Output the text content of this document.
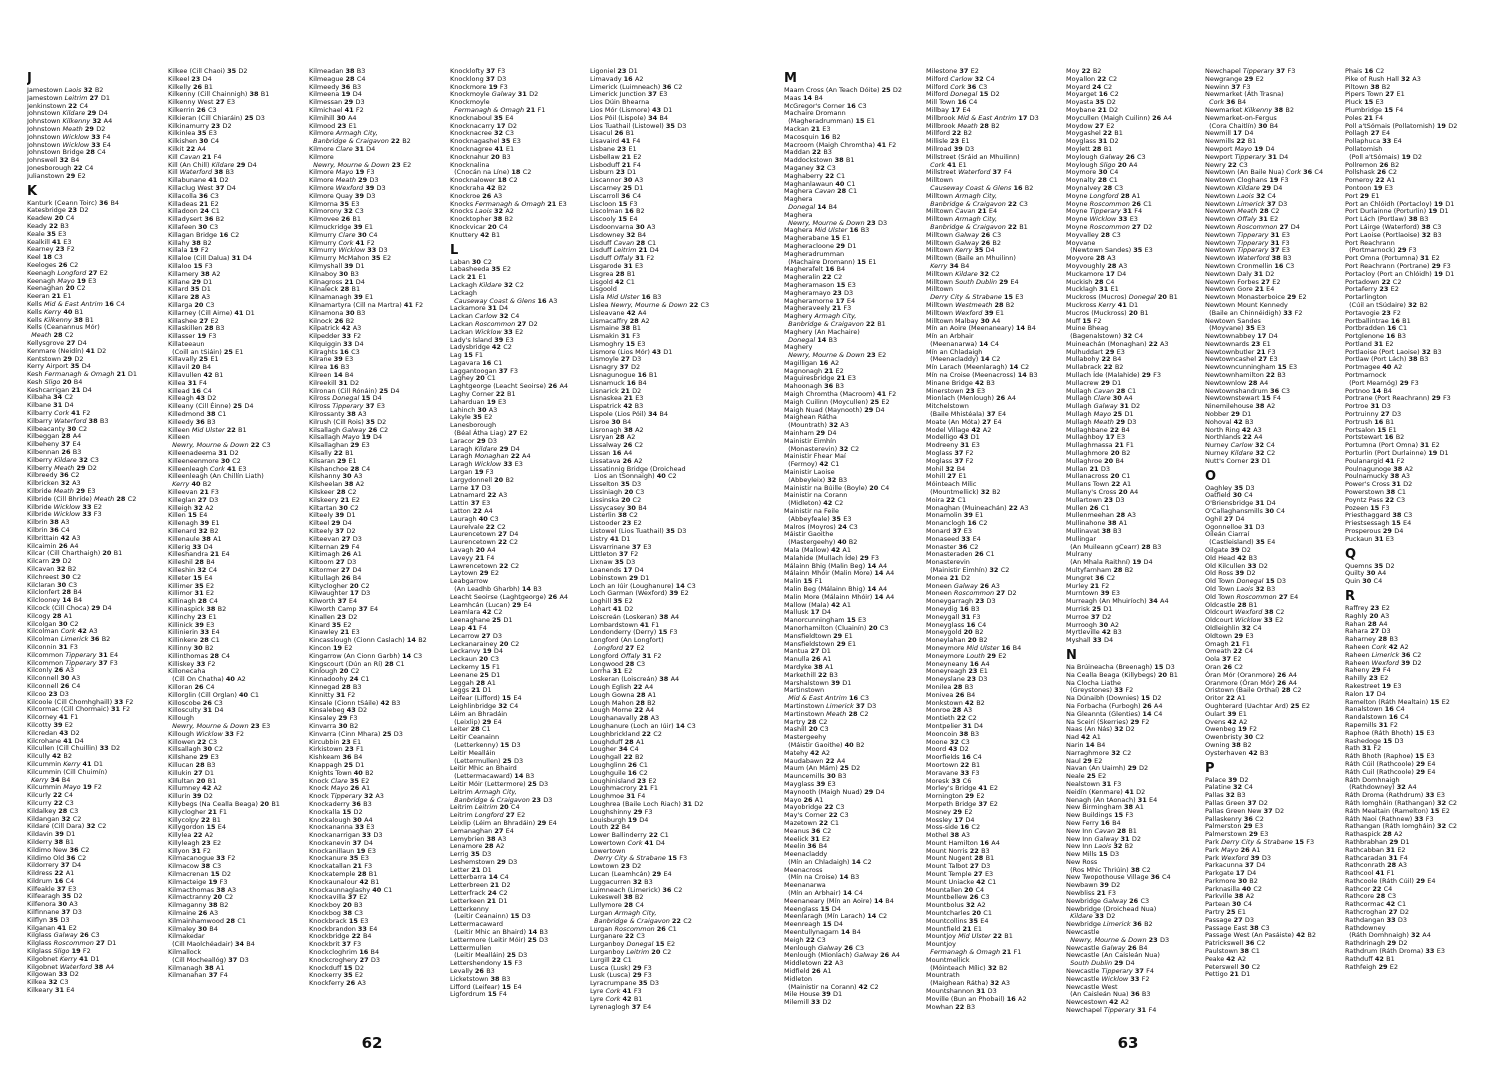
J
Jamestown Laois 32 B2
Jamestown Leitrim 27 D1
Jenkinstown 22 C4
Johnstown Kildare 29 D4
Johnstown Kilkenny 32 A4
Johnstown Meath 29 D2
Johnstown Wicklow 33 F4
Johnstown Wicklow 33 E4
Johnstown Bridge 28 C4
Johnswell 32 B4
Jonesborough 22 C4
Julianstown 29 E2
K
Kanturk (Ceann Toirc) 36 B4
Katesbridge 23 D2
Keadew 20 C4
Keady 22 B3
Keale 35 E3
Kealkill 41 E3
Kearney 23 F2
Keel 18 C3
Keeloges 26 C2
Keenagh Longford 27 E2
Keenagh Mayo 19 E3
Keenaghan 20 C2
Keeran 21 E1
Kells Mid & East Antrim 16 C4
Kells Kerry 40 B1
Kells Kilkenny 38 B1
Kells (Ceanannus Mór)
Meath 28 C2
Kellysgrove 27 D4
Kenmare (Neidín) 41 D2
Kentstown 29 D2
Kerry Airport 35 D4
Kesh Fermanagh & Omagh 21 D1
Kesh Sligo 20 B4
Keshcarrigan 21 D4
Kilbaha 34 C2
Kilbane 31 D4
Kilbarry Cork 41 F2
Kilbarry Waterford 38 B3
Kilbeacanty 30 C2
Kilbeggan 28 A4
Kilbeheny 37 E4
Kilbennan 26 B3
Kilberry Kildare 32 C3
Kilberry Meath 29 D2
Kilbreedy 36 C2
Kilbricken 32 A3
Kilbride Meath 29 E3
Kilbride (Cill Bhríde) Meath 28 C2
Kilbride Wicklow 33 E2
Kilbride Wicklow 33 F3
Kilbrin 38 A3
Kilbrin 36 C4
Kilbrittain 42 A3
Kilcaimin 26 A4
Kilcar (Cill Charthaigh) 20 B1
Kilcarn 29 D2
Kilcavan 32 B2
Kilchreest 30 C2
Kilclaran 30 C3
Kilclonfert 28 B4
Kilclooney 14 B4
Kilcock (Cill Choca) 29 D4
Kilcogy 28 A1
Kilcolgan 30 C2
Kilcolman Cork 42 A3
Kilcolman Limerick 36 B2
Kilconnin 31 F3
Kilcommon Tipperary 31 E4
Kilcommon Tipperary 37 F3
Kilconly 26 A3
Kilconnell 30 A3
Kilconnell 26 C4
Kilcoo 23 D3
Kilcoole (Cill Chomhghaill) 33 F2
Kilcormac (Cill Chormaic) 31 F2
Kilcorney 41 F1
Kilcotty 39 E2
Kilcredan 43 D2
Kilcrohane 41 D4
Kilcullen (Cill Chuillin) 33 D2
Kilcully 42 B2
Kilcummin Kerry 41 D1
Kilcummin (Cill Chuimín)
Kerry 34 B4
Kilcummin Mayo 19 F2
Kilcurly 22 C4
Kilcurry 22 C3
Kildalkey 28 C3
Kildangan 32 C2
Kildare (Cill Dara) 32 C2
Kildavin 39 D1
Kilderry 38 B1
Kildimo New 36 C2
Kildimo Old 36 C2
Kildorrery 37 D4
Kildress 22 A1
Kildrum 16 C4
Kilfeakle 37 E3
Kilfearagh 35 D2
Kilfenora 30 A3
Kilfinnane 37 D3
Kilflyn 35 D3
Kilganan 41 E2
Kilglass Galway 26 C3
Kilglass Roscommon 27 D1
Kilglass Sligo 19 F2
Kilgobnet Kerry 41 D1
Kilgobnet Waterford 38 A4
Kilgowan 33 D2
Kilkea 32 C3
Kilkeary 31 E4
Kilkee (Cill Chaoi) 35 D2
Kilkeel 23 D4
Kilkelly 26 B1
Kilkenny (Cill Chainnigh) 38 B1
Kilkenny West 27 E3
Kilkerrin 26 C3
Kilkieran (Cill Chiaráin) 25 D3
Kilkinamurry 23 D2
Kilkinlea 35 E3
Kilkishen 30 C4
Kilkit 22 A4
Kill Cavan 21 F4
Kill (An Chill) Kildare 29 D4
Kill Waterford 38 B3
Killabunane 41 D2
Killaclug West 37 D4
Killacolla 36 C3
Killadeas 21 E2
Killadoon 24 C1
Killadysert 36 B2
Killafeen 30 C3
Killagan Bridge 16 C2
Killahy 38 B2
Killala 19 F2
Killaloe (Cill Dalua) 31 D4
Killaloo 15 F3
Killamery 38 A2
Killane 29 D1
Killard 35 D1
Killare 28 A3
Killarga 20 C3
Killarney (Cill Airne) 41 D1
Killashee 27 E2
Killaskillen 28 B3
Killasser 19 F3
Killateeaun
(Coill an tSiáin) 25 E1
Killavally 25 E1
Killavil 20 B4
Killavullen 42 B1
Killea 31 F4
Killead 16 C4
Killeagh 43 D2
Killeany (Cill Éinne) 25 D4
Killedmond 38 C1
Killeedy 36 B3
Killeen Mid Ulster 22 B1
Killeen
Newry, Mourne & Down 22 C3
Killeenadeema 31 D2
Killeeneenmore 30 C2
Killeenleagh Cork 41 E3
Killeenleagh (An Chillín Liath)
Kerry 40 B2
Killeevan 21 F3
Killeglan 27 D3
Killeigh 32 A2
Killen 15 E4
Killenagh 39 E1
Killenard 32 B2
Killenaule 38 A1
Killerig 33 D4
Killeshandra 21 E4
Killeshil 28 B4
Killeshin 32 C4
Killeter 15 E4
Killimer 35 E2
Killimor 31 E2
Killinagh 28 C4
Killinaspick 38 B2
Killinchy 23 E1
Killinick 39 E3
Killinierin 33 E4
Killinkere 28 C1
Killinny 30 B2
Killinthomas 28 C4
Killiskey 33 F2
Killonecaha
(Cill On Chatha) 40 A2
Killoran 26 C4
Killorglin (Cill Orglan) 40 C1
Killoscobe 26 C3
Killosculty 31 D4
Killough
Newry, Mourne & Down 23 E3
Killough Wicklow 33 F2
Killowen 22 C3
Killsallagh 30 C2
Killshane 29 E3
Killucan 28 B3
Killukin 27 D1
Killultan 20 B1
Killumney 42 A2
Killurin 39 D2
Killybegs (Na Cealla Beaga) 20 B1
Killyclogher 21 F1
Killycolpy 22 B1
Killygordon 15 E4
Killylea 22 A2
Killyleagh 23 E2
Killyon 31 F2
Kilmacanogue 33 F2
Kilmacow 38 C3
Kilmacrenan 15 D2
Kilmacteige 19 F3
Kilmacthomas 38 A3
Kilmactranny 20 C2
Kilmaganny 38 B2
Kilmaine 26 A3
Kilmainhamwood 28 C1
Kilmaley 30 B4
Kilmakedar
(Cill Maolchéadair) 34 B4
Kilmallock
(Cill Mocheallóg) 37 D3
Kilmanagh 38 A1
Kilmanahan 37 F4
Kilmeadan 38 B3
Kilmeague 28 C4
Kilmeedy 36 B3
Kilmeena 19 D4
Kilmessan 29 D3
Kilmichael 41 F2
Kilmihill 30 A4
Kilmood 23 E1
Kilmore Armagh City,
Banbridge & Craigavon 22 B2
Kilmore Clare 31 D4
Kilmore
Newry, Mourne & Down 23 E2
Kilmore Mayo 19 F3
Kilmore Meath 29 D3
Kilmore Wexford 39 D3
Kilmore Quay 39 D3
Kilmorna 35 E3
Kilmorony 32 C3
Kilmovee 26 B1
Kilmuckridge 39 E1
Kilmurry Clare 30 C4
Kilmurry Cork 41 F2
Kilmurry Wicklow 33 D3
Kilmurry McMahon 35 E2
Kilmyshall 39 D1
Kilnaboy 30 B3
Kilnagross 21 D4
Kilnaleck 28 B1
Kilnamanagh 39 E1
Kilnamartyra (Cill na Martra) 41 F2
Kilnamona 30 B3
Kilnock 26 B2
Kilpatrick 42 A3
Kilpedder 33 F2
Kilquiggin 33 D4
Kilraghts 16 C3
Kilrane 39 E3
Kilrea 16 B3
Kilreen 14 B4
Kilreekill 31 D2
Kilronan (Cill Rónáin) 25 D4
Kilross Donegal 15 D4
Kilross Tipperary 37 E3
Kilrossanty 38 A3
Kilrush (Cill Rois) 35 D2
Kilsallagh Galway 26 C2
Kilsallagh Mayo 19 D4
Kilsallaghan 29 E3
Kilsally 22 B1
Kilsaran 29 E1
Kilshanchoe 28 C4
Kilshanny 30 A3
Kilsheelan 38 A2
Kilskeer 28 C2
Kilskeery 21 E2
Kiltartan 30 C2
Kilteely 39 D1
Kilteel 29 D4
Kilteely 37 D2
Kilteevan 27 D3
Kilternan 29 F4
Kiltimagh 26 A1
Kiltoom 27 D3
Kiltormer 27 D4
Kiltullagh 26 B4
Kiltyclogher 20 C2
Kilwaughter 17 D3
Kilworth 37 E4
Kilworth Camp 37 E4
Kinallen 23 D2
Kinard 35 E2
Kinawley 21 E3
Kincasslough (Cionn Caslach) 14 B2
Kincon 19 E2
Kingarrow (An Cionn Garbh) 14 C3
Kingscourt (Dún an Rí) 28 C1
Kinlough 20 C2
Kinnadoohy 24 C1
Kinnegad 28 B3
Kinnitty 31 F2
Kinsale (Cionn tSáile) 42 B3
Kinsalebeg 43 D2
Kinsaley 29 F3
Kinvarra 30 B2
Kinvarra (Cinn Mhara) 25 D3
Kircubbin 23 E1
Kirkistown 23 F1
Kishkeam 36 B4
Knappagh 25 D1
Knights Town 40 B2
Knock Clare 35 E2
Knock Mayo 26 A1
Knock Tipperary 32 A3
Knockaderry 36 B3
Knockalla 15 D2
Knockalough 30 A4
Knockananna 33 E3
Knockanarrigan 33 D3
Knockanevin 37 D4
Knockanillaun 19 E3
Knockanure 35 E3
Knockatallan 21 F3
Knockatemple 28 B1
Knockaunalour 42 B1
Knockaunnaglashy 40 C1
Knockavilla 37 E2
Knockboy 20 B3
Knockbog 38 C3
Knockbrack 15 E3
Knockbrandon 33 E4
Knockbridge 22 B4
Knockbrit 37 F3
Knockcloghrim 16 B4
Knockcroghery 27 D3
Knockduff 15 D2
Knockerry 35 E2
Knockferry 26 A3
Knocklofty 37 F3
Knocklong 37 D3
Knockmore 19 F3
Knockmoyle Galway 31 D2
Knockmoyle
Fermanagh & Omagh 21 F1
Knocknaboul 35 E4
Knocknacarry 17 D2
Knocknacree 32 C3
Knocknagashel 35 E3
Knocknagree 41 E1
Knocknahur 20 B3
Knocknalina
(Cnocán na Líne) 18 C2
Knocknalower 18 C2
Knockraha 42 B2
Knockroe 26 A3
Knocks Fermanagh & Omagh 21 E3
Knocks Laois 32 A2
Knocktopher 38 B2
Knockvicar 20 C4
Knuttery 42 B1
L
Laban 30 C2
Labasheeda 35 E2
Lack 21 E1
Lackagh Kildare 32 C2
Lackagh
Causeway Coast & Glens 16 A3
Lackamore 31 D4
Lackan Carlow 32 C4
Lackan Roscommon 27 D2
Lackan Wicklow 33 E2
Lady's Island 39 E3
Ladysbridge 42 C2
Lag 15 F1
Lagavara 16 C1
Laggantoogan 37 F3
Laghey 20 C1
Laghtgeorge (Leacht Seoirse) 26 A4
Laghy Corner 22 B1
Laharduan 19 E3
Lahinch 30 A3
Lakyle 35 E2
Lanesborough
(Béal Átha Liag) 27 E2
Laracor 29 D3
Laragh Kildare 29 D4
Laragh Monaghan 22 A4
Laragh Wicklow 33 E3
Largan 19 F3
Largydonnell 20 B2
Larne 17 D3
Latnamard 22 A3
Lattin 37 E3
Latton 22 A4
Lauragh 40 C3
Laurelvale 22 C2
Laurencetown 27 D4
Laurencetown 22 C2
Lavagh 20 A4
Laveyу 21 F4
Lawrencetown 22 C2
Laytown 29 E2
Leabgarrow
(An Leadhb Gharbh) 14 B3
Leacht Seoirse (Laghtgeorge) 26 A4
Leamhcán (Lucan) 29 E4
Leamlara 42 C2
Leenaghane 25 D1
Leap 41 F4
Lecarrow 27 D3
Leckanarainey 20 C2
Leckanvy 19 D4
Leckaun 20 C3
Leckemy 15 F1
Leenane 25 D1
Leggah 28 A1
Leggs 21 D1
Leifear (Lifford) 15 E4
Leighlinbridge 32 C4
Léim an Bhradáin
(Leixlip) 29 E4
Leiter 28 C1
Leitir Ceanainn
(Letterkenny) 15 D3
Leitir Mealláin
(Lettermullen) 25 D3
Leitir Mhic an Bhaird
(Lettermacaward) 14 B3
Leitir Móir (Lettermore) 25 D3
Leitrim Armagh City,
Banbridge & Craigavon 23 D3
Leitrim Leitrim 20 C4
Leitrim Longford 27 E2
Leixlip (Léim an Bhradáin) 29 E4
Lemanaghan 27 E4
Lemybrien 38 A3
Lenamore 28 A2
Lerrig 35 D3
Leshemstown 29 D3
Letter 21 D1
Letterbarra 14 C4
Letterbreen 21 D2
Letterfrack 24 C2
Letterkeen 21 D1
Letterkenny
(Leitir Ceanainn) 15 D3
Lettermacaward
(Leitir Mhic an Bhaird) 14 B3
Lettermore (Leitir Móir) 25 D3
Lettermullen
(Leitir Mealláin) 25 D3
Lettershendony 15 F3
Levally 26 B3
Licketstown 38 B3
Lifford (Leifear) 15 E4
Ligfordrum 15 F4
Ligoniel 23 D1
Limavady 16 A2
Limerick (Luimneach) 36 C2
Limerick Junction 37 E3
Lios Dúin Bhearna
Lios Mór (Lismore) 43 D1
Lios Póil (Lispole) 34 B4
Lios Tuathail (Listowel) 35 D3
Lisacul 26 B1
Lisavaird 41 F4
Lisbane 23 E1
Lisbellaw 21 E2
Lisboduff 21 F4
Lisburn 23 D1
Liscannor 30 A3
Liscarney 25 D1
Liscarroll 36 C4
Liscloon 15 F3
Liscolman 16 B2
Liscooly 15 E4
Lisdoonvarna 30 A3
Lisdowney 32 B4
Lisduff Cavan 28 C1
Lisduff Leitrim 21 D4
Lisduff Offaly 31 F2
Lisgarode 31 E3
Lisgrea 28 B1
Lisgold 42 C1
Lisgoold
Lisla Mid Ulster 16 B3
Lislea Newry, Mourne & Down 22 C3
Lisleavane 42 A4
Lismacaffry 28 A2
Lismaine 38 B1
Lismakin 31 F3
Lismoghry 15 E3
Lismore (Lios Mór) 43 D1
Lismoyle 27 D3
Lisnagry 37 D2
Lisnagunogue 16 B1
Lisnamuck 16 B4
Lisnarick 21 D2
Lisnaskea 21 E3
Lispatrick 42 B3
Lispole (Lios Póil) 34 B4
Lisroe 30 B4
Lisronagh 38 A2
Lisryan 28 A2
Lissalway 26 C2
Lissan 16 A4
Lissatava 26 A2
Lissatinnig Bridge (Droichead
Lios an tSonnaigh) 40 C2
Lisselton 35 D3
Lissiniagh 20 C3
Lissinska 20 C2
Lissycasey 30 B4
Listerlin 38 C2
Listooder 23 E2
Listowel (Lios Tuathail) 35 D3
Listry 41 D1
Lisvarrinane 37 E3
Littleton 37 F2
Lixnaw 35 D3
Loanends 17 D4
Lobinstown 29 D1
Loch an Iúir (Loughanure) 14 C3
Loch Garman (Wexford) 39 E2
Loghill 35 E2
Lohart 41 D2
Loiscreán (Loskeran) 38 A4
Lombardstown 41 F1
Londonderry (Derry) 15 F3
Longford (An Longfort)
Longford 27 E2
Longford Offaly 31 F2
Longwood 28 C3
Lorrha 31 E2
Loskeran (Loiscreán) 38 A4
Lough Eglish 22 A4
Lough Gowna 28 A1
Lough Mahon 28 B2
Lough Morne 22 A4
Loughanavally 28 A3
Loughanure (Loch an Iúir) 14 C3
Loughbrickland 22 C2
Loughduff 28 A1
Lougher 34 C4
Loughgall 22 B2
Loughglinn 26 C1
Loughguile 16 C2
Loughinisland 23 E2
Loughmacrory 21 F1
Loughmoe 31 F4
Loughrea (Baile Loch Riach) 31 D2
Loughshinny 29 F3
Louisburgh 19 D4
Louth 22 B4
Lower Ballinderry 22 C1
Lowertown Cork 41 D4
Lowertown
Derry City & Strabane 15 F3
Lowtown 23 D2
Lucan (Leamhcán) 29 E4
Luggacurren 32 B3
Luimneach (Limerick) 36 C2
Lukeswell 38 B2
Lullymore 28 C4
Lurgan Armagh City,
Banbridge & Craigavon 22 C2
Lurgan Roscommon 26 C1
Lurganare 22 C3
Lurganboy Donegal 15 E2
Lurganboy Leitrim 20 C2
Lurgill 22 C1
Lusca (Lusk) 29 F3
Lusk (Lusca) 29 F3
Lyracrumpane 35 D3
Lyre Cork 41 F3
Lyre Cork 42 B1
Lyrenaglogh 37 E4
M
Maam Cross (An Teach Dóite) 25 D2
Maas 14 B4
McGregor's Corner 16 C3
Machaire Dromann
(Magheradrumman) 15 E1
Mackan 21 E3
Macosquin 16 B2
Macroom (Maigh Chromtha) 41 F2
Maddan 22 B3
Maddockstown 38 B1
Maganey 32 C3
Maghaberry 22 C1
Maghanlawaun 40 C1
Maghera Cavan 28 C1
Maghera
Donegal 14 B4
Maghera
Newry, Mourne & Down 23 D3
Maghera Mid Ulster 16 B3
Magherabane 15 E1
Magheracloone 29 D1
Magheradrumman
(Machaire Dromann) 15 E1
Magherafelt 16 B4
Magheralin 22 C2
Magheramason 15 E3
Magheramayo 23 D3
Magheramorne 17 E4
Magheraveely 21 F3
Maghery Armagh City,
Banbridge & Craigavon 22 B1
Maghery (An Machaire)
Donegal 14 B3
Maghery
Newry, Mourne & Down 23 E2
Magilligan 16 A2
Magnonagh 21 E2
Maguiresbridge 21 E3
Mahoonagh 36 B3
Maigh Chromtha (Macroom) 41 F2
Maigh Cuilinn (Moycullen) 25 E2
Maigh Nuad (Maynooth) 29 D4
Maighean Rátha
(Mountrath) 32 A3
Mainham 29 D4
Mainistir Eimhín
(Monasterevin) 32 C2
Mainistir Fhear Maí
(Fermoy) 42 C1
Mainistir Laoise
(Abbeyleix) 32 B3
Mainistir na Búille (Boyle) 20 C4
Mainistir na Corann
(Midleton) 42 C2
Mainistir na Feile
(Abbeyfeale) 35 E3
Malros (Moyros) 24 C3
Máistir Gaoithe
(Mastergeehy) 40 B2
Mala (Mallow) 42 A1
Malahide (Mullach Íde) 29 F3
Málainn Bhig (Malin Beg) 14 A4
Málainn Mhóir (Malin More) 14 A4
Malin 15 F1
Malin Beg (Málainn Bhig) 14 A4
Malin More (Málainn Mhóir) 14 A4
Mallow (Mala) 42 A1
Mallusk 17 D4
Manorcunningham 15 E3
Manorhamilton (Cluainín) 20 C3
Mansfieldtown 29 E1
Mansfieldstown 29 E1
Mantua 27 D1
Manulla 26 A1
Mardyke 38 A1
Markethill 22 B3
Marshalstown 39 D1
Martinstown
Mid & East Antrim 16 C3
Martinstown Limerick 37 D3
Martinstown Meath 28 C2
Martry 28 C2
Mashill 20 C3
Mastergeehy
(Máistir Gaoithe) 40 B2
Matehy 42 A2
Maudabawn 22 A4
Maum (An Mám) 25 D2
Mauncemills 30 B3
Mayglass 39 E3
Maynooth (Maigh Nuad) 29 D4
Mayo 26 A1
Mayobridge 22 C3
May's Corner 22 C3
Mazetown 22 C1
Meanus 36 C2
Meelick 31 E2
Meelin 36 B4
Meenacladdy
(Mín an Chladaigh) 14 C2
Meenacross
(Mín na Croise) 14 B3
Meenanarwa
(Mín an Arbhair) 14 C4
Meenaneary (Mín an Aoire) 14 B4
Meenglass 15 D4
Meenlaragh (Mín Larach) 14 C2
Meenreagh 15 D4
Meentullynagarn 14 B4
Meigh 22 C3
Menlough Galway 26 C3
Menlough (Mionlach) Galway 26 A4
Middletown 22 A3
Midfield 26 A1
Midleton
(Mainistir na Corann) 42 C2
Mile House 39 D1
Milemill 33 D2
Milestone 37 E2
Milford Carlow 32 C4
Milford Cork 36 C3
Milford Donegal 15 D2
Mill Town 16 C4
Millbay 17 E4
Millbrook Mid & East Antrim 17 D3
Millbrook Meath 28 B2
Millford 22 B2
Millisle 23 E1
Millroad 39 D3
Millstreet (Sráid an Mhuilinn)
Cork 41 E1
Millstreet Waterford 37 F4
Milltown
Causeway Coast & Glens 16 B2
Milltown Armagh City,
Banbridge & Craigavon 22 C3
Milltown Cavan 21 E4
Milltown Armagh City,
Banbridge & Craigavon 22 B1
Milltown Galway 26 C3
Milltown Galway 26 B2
Milltown Kerry 35 D4
Milltown (Baile an Mhuilinn)
Kerry 34 B4
Milltown Kildare 32 C2
Milltown South Dublin 29 E4
Milltown
Derry City & Strabane 15 E3
Milltown Westmeath 28 B2
Milltown Wexford 39 E1
Milltown Malbay 30 A4
Mín an Aoire (Meenaneary) 14 B4
Mín an Arbhair
(Meenanarwa) 14 C4
Mín an Chladaigh
(Meenacladdy) 14 C2
Mín Larach (Meenlaragh) 14 C2
Mín na Croise (Meenacross) 14 B3
Minane Bridge 42 B3
Minerstown 23 E3
Mionlach (Menlough) 26 A4
Mitchelstown
(Baile Mhistéala) 37 E4
Moate (An Móta) 27 E4
Model Village 42 A2
Modelligo 43 D1
Modreeny 31 E3
Moglass 37 F2
Moglass 37 F2
Mohil 32 B4
Mohill 27 E1
Móinteach Mílic
(Mountmellick) 32 B2
Moira 22 C1
Monaghan (Muineachán) 22 A3
Monamolin 39 E1
Monanclogh 16 C2
Monard 37 E3
Monaseed 33 E4
Monaster 36 C2
Monasteraden 26 C1
Monasterevin
(Mainistir Eimhín) 32 C2
Monea 21 D2
Moneen Galway 26 A3
Moneen Roscommon 27 D2
Moneygarragh 23 D3
Moneydig 16 B3
Moneygall 31 F3
Moneyglass 16 C4
Moneygold 20 B2
Moneylahan 20 B2
Moneymore Mid Ulster 16 B4
Moneymore Louth 29 E2
Moneyneany 16 A4
Moneyreagh 23 E1
Moneyslane 23 D3
Monilea 28 B3
Monivea 26 B4
Monkstown 42 B2
Monroe 28 A3
Montieth 22 C2
Montpelier 31 D4
Mooncoin 38 B3
Moone 32 C3
Moord 43 D2
Moorfields 16 C4
Moortown 22 B1
Moravane 33 F3
Moresk 33 C6
Morley's Bridge 41 E2
Mornington 29 E2
Morpeth Bridge 37 E2
Mosney 29 E2
Mossley 17 D4
Moss-side 16 C2
Mothel 38 A3
Mount Hamilton 16 A4
Mount Norris 22 B3
Mount Nugent 28 B1
Mount Talbot 27 D3
Mount Temple 27 E3
Mount Uniacke 42 C1
Mountallen 20 C4
Mountbellew 26 C3
Mountbolus 32 A2
Mountcharles 20 C1
Mountcollins 35 E4
Mountfield 21 E1
Mountjoy Mid Ulster 22 B1
Mountjoy
Fermanagh & Omagh 21 F1
Mountmellick
(Móinteach Mílic) 32 B2
Mountrath
(Maighean Rátha) 32 A3
Mountshannon 31 D3
Moville (Bun an Phobail) 16 A2
Mowhan 22 B3
Moy 22 B2
Moyallon 22 C2
Moyard 24 C2
Moyarget 16 C2
Moyasta 35 D2
Moybane 21 D2
Moycullen (Maigh Cuilinn) 26 A4
Moydow 27 E2
Moygashel 22 B1
Moyglass 31 D2
Moylett 28 B1
Moylough Galway 26 C3
Moylough Sligo 20 A4
Moymore 30 C4
Moynalty 28 C1
Moynalvey 28 C3
Moyne Longford 28 A1
Moyne Roscommon 26 C1
Moyne Tipperary 31 F4
Moyne Wicklow 33 E3
Moyne Roscommon 27 D2
Moyvalley 28 C3
Moyvane
(Newtown Sandes) 35 E3
Moyvore 28 A3
Moyvoughly 28 A3
Muckamore 17 D4
Muckish 28 C4
Mucklagh 31 E1
Muckross (Mucros) Donegal 20 B1
Muckross Kerry 41 D1
Mucros (Muckross) 20 B1
Muff 15 F2
Muine Bheag
(Bagenalstown) 32 C4
Muineachán (Monaghan) 22 A3
Mulhuddart 29 E3
Mullabohy 22 B4
Mullabrack 22 B2
Mullach Íde (Malahide) 29 F3
Mullacrew 29 D1
Mullagh Cavan 28 C1
Mullagh Clare 30 A4
Mullagh Galway 31 D2
Mullagh Mayo 25 D1
Mullagh Meath 29 D3
Mullaghbane 22 B4
Mullaghboy 17 E3
Mullaghmassa 21 F1
Mullaghmore 20 B2
Mullaghroe 20 B4
Mullan 21 D3
Mullanacross 20 C1
Mullans Town 22 A1
Mullany's Cross 20 A4
Mullartown 23 D3
Mullen 26 C1
Mullenmeehan 28 A3
Mullinahone 38 A1
Mullinavat 38 B3
Mullingar
(An Muileann gCearr) 28 B3
Mulrany
(An Mhala Raithní) 19 D4
Multyfarnham 28 B2
Mungret 36 C2
Murley 21 F2
Murntown 39 E3
Murreagh (An Mhuiríoch) 34 A4
Murrisk 25 D1
Murroe 37 D2
Murroogh 30 A2
Myrtleville 42 B3
Myshall 33 D4
N
Na Brúineacha (Breenagh) 15 D3
Na Cealla Beaga (Killybegs) 20 B1
Na Clocha Liathe
(Greystones) 33 F2
Na Dúnaibh (Downies) 15 D2
Na Forbacha (Furbogh) 26 A4
Na Gleannta (Glenties) 14 C4
Na Sceirí (Skerries) 29 F2
Naas (An Nás) 32 D2
Nad 42 A1
Narin 14 B4
Narraghmore 32 C2
Naul 29 E2
Navan (An Uaimh) 29 D2
Neale 25 E2
Nealstown 31 F3
Neidín (Kenmare) 41 D2
Nenagh (An tAonach) 31 E4
New Birmingham 38 A1
New Buildings 15 F3
New Ferry 16 B4
New Inn Cavan 28 B1
New Inn Galway 31 D2
New Inn Laois 32 B2
New Mills 15 D3
New Ross
(Ros Mhic Thriúin) 38 C2
New Twopothouse Village 36 C4
Newbawn 39 D2
Newbliss 21 F3
Newbridge Galway 26 C3
Newbridge (Droichead Nua)
Kildare 33 D2
Newbridge Limerick 36 B2
Newcastle
Newry, Mourne & Down 23 D3
Newcastle Galway 26 B4
Newcastle (An Caisleán Nua)
South Dublin 29 D4
Newcastle Tipperary 37 F4
Newcastle Wicklow 33 F2
Newcastle West
(An Caisleán Nua) 36 B3
Newcestown 42 A2
Newchapel Tipperary 31 F4
Newchapel Tipperary 37 F3
Newgrange 29 E2
Newinn 37 F3
Newmarket (Áth Trasna)
Cork 36 B4
Newmarket Kilkenny 38 B2
Newmarket-on-Fergus
(Cora Chaitlín) 30 B4
Newmill 17 D4
Newmills 22 B1
Newport Mayo 19 D4
Newport Tipperary 31 D4
Newry 22 C3
Newtown (An Baile Nua) Cork 36 C4
Newtown Cloghans 19 F3
Newtown Kildare 29 D4
Newtown Laois 32 C4
Newtown Limerick 37 D3
Newtown Meath 28 C2
Newtown Offaly 31 E2
Newtown Roscommon 27 D4
Newtown Tipperary 31 E3
Newtown Tipperary 31 F3
Newtown Tipperary 37 E3
Newtown Waterford 38 B3
Newtown Cronmellin 16 C3
Newtown Daly 31 D2
Newtown Forbes 27 E2
Newtown Gore 21 E4
Newtown Monasterboice 29 E2
Newtown Mount Kennedy
(Baile an Chinnéidigh) 33 F2
Newtown Sandes
(Moyvane) 35 E3
Newtownabbey 17 D4
Newtownards 23 E1
Newtownbutler 21 F3
Newtowncashel 27 E3
Newtowncunningham 15 E3
Newtownhamilton 22 B3
Newtownlow 28 A4
Newtownshandrum 36 C3
Newtownstewart 15 F4
Ninemilehouse 38 A2
Nobber 29 D1
Nohoval 42 B3
North Ring 42 A3
Northlands 22 A4
Nurney Carlow 32 C4
Nurney Kildare 32 C2
Nutt's Corner 23 D1
O
Oaghley 35 D3
Oatfield 30 C4
O'Briensbridge 31 D4
O'Callaghansmills 30 C4
Oghil 27 D4
Ogonnelloe 31 D3
Oileán Ciarraí
(Castleisland) 35 E4
Oilgate 39 D2
Old Head 42 B3
Old Kilcullen 33 D2
Old Ross 39 D2
Old Town Donegal 15 D3
Old Town Laois 32 B3
Old Town Roscommon 27 E4
Oldcastle 28 B1
Oldcourt Wexford 38 C2
Oldcourt Wicklow 33 E2
Oldleighlin 32 C4
Oldtown 29 E3
Omagh 21 F1
Omeath 22 C4
Oola 37 E2
Oran 26 C2
Óran Mór (Oranmore) 26 A4
Oranmore (Óran Mór) 26 A4
Oristown (Baile Orthaí) 28 C2
Oritor 22 A1
Oughterard (Uachtar Ard) 25 E2
Oulart 39 E1
Ovens 42 A2
Owenbeg 19 F2
Owenbristy 30 C2
Owning 38 B2
Oysterhaven 42 B3
P
Palace 39 D2
Palatine 32 C4
Pallas 32 B3
Pallas Green 37 D2
Pallas Green New 37 D2
Pallaskenry 36 C2
Palmerston 29 E3
Palmerstown 29 E3
Park Derry City & Strabane 15 F3
Park Mayo 26 A1
Park Wexford 39 D3
Parkacunna 37 D4
Parkgate 17 D4
Parkmore 30 B2
Parknasilla 40 C2
Parkville 38 A2
Partean 30 C4
Partry 25 E1
Passage 27 D3
Passage East 38 C3
Passage West (An Pasáiste) 42 B2
Patrickswell 36 C2
Paulstown 38 C1
Peake 42 A2
Peterswell 30 C2
Pettigo 21 D1
Phais 16 C2
Pike of Rush Hall 32 A3
Piltown 38 B2
Pipers Town 27 E1
Pluck 15 E3
Plumbridge 15 F4
Poles 21 F4
Poll a'tSómais (Pollatomish) 19 D2
Pollagh 27 E4
Pollaphuca 33 E4
Pollatomish
(Poll a'tSómais) 19 D2
Pollremon 26 B2
Pollshask 26 C2
Pomeroy 22 A1
Pontoon 19 E3
Port 29 E1
Port an Chlóidh (Portacloy) 19 D1
Port Durlainne (Porturlin) 19 D1
Port Lách (Portlaw) 38 B3
Port Láirge (Waterford) 38 C3
Port Laoise (Portlaoise) 32 B3
Port Reachrann
(Portmarnock) 29 F3
Port Omna (Portumna) 31 E2
Port Reachrann (Portrane) 29 F3
Portacloy (Port an Chlóidh) 19 D1
Portadown 22 C2
Portaferry 23 E2
Portarlington
(Cúil an tSúdaire) 32 B2
Portavogie 23 F2
Portballintrae 16 B1
Portbradden 16 C1
Portglenone 16 B3
Portland 31 E2
Portlaoise (Port Laoise) 32 B3
Portlaw (Port Lách) 38 B3
Portmagee 40 A2
Portmarnock
(Port Mearnóg) 29 F3
Portnoo 14 B4
Portrane (Port Reachrann) 29 F3
Portroe 31 D3
Portruinny 27 D3
Portrush 16 B1
Portsalon 15 E1
Portstewart 16 B2
Portumna (Port Omna) 31 E2
Porturlin (Port Durlainne) 19 D1
Poulanargid 41 F2
Poulnagunoge 38 A2
Poulnamucky 38 A3
Power's Cross 31 D2
Powerstown 38 C1
Poyntz Pass 22 C3
Pozeen 15 F3
Priesthaggard 38 C3
Priestsessagh 15 E4
Prosperous 29 D4
Puckaun 31 E3
Q
Quemns 35 D2
Quilty 30 A4
Quin 30 C4
R
Raffrey 23 E2
Raghly 20 A3
Rahan 28 A4
Rahara 27 D3
Raharney 28 B3
Raheen Cork 42 A2
Raheen Limerick 36 C2
Raheen Wexford 39 D2
Raheny 29 F4
Rahilly 23 E2
Rakestreet 19 E3
Ralon 17 D4
Ramelton (Ráth Mealtain) 15 E2
Ranalstown 16 C4
Randalstown 16 C4
Rapemills 31 F2
Raphoe (Ráth Bhoth) 15 E3
Rashedoge 15 D3
Rath 31 F2
Ráth Bhoth (Raphoe) 15 E3
Ráth Cúil (Rathcoole) 29 E4
Ráth Cuil (Rathcoole) 29 E4
Ráth Domhnaigh
(Rathdowney) 32 A4
Ráth Droma (Rathdrum) 33 E3
Ráth Iomgháin (Rathangan) 32 C2
Ráth Mealtain (Ramelton) 15 E2
Ráth Naoi (Rathnew) 33 F3
Rathangan (Ráth Iomgháin) 32 C2
Rathaspick 28 A2
Rathbrabhan 29 D1
Rathcabban 31 E2
Rathcaradan 31 F4
Rathconrath 28 A3
Rathcool 41 F1
Rathcoole (Ráth Cúil) 29 E4
Rathcor 22 C4
Rathcore 28 C3
Rathcormac 42 C1
Rathcroghan 27 D2
Rathdangan 33 D3
Rathdowney
(Ráth Domhnaigh) 32 A4
Rathdrinagh 29 D2
Rathdrum (Ráth Droma) 33 E3
Rathduff 42 B1
Rathfeigh 29 E2
62	63
